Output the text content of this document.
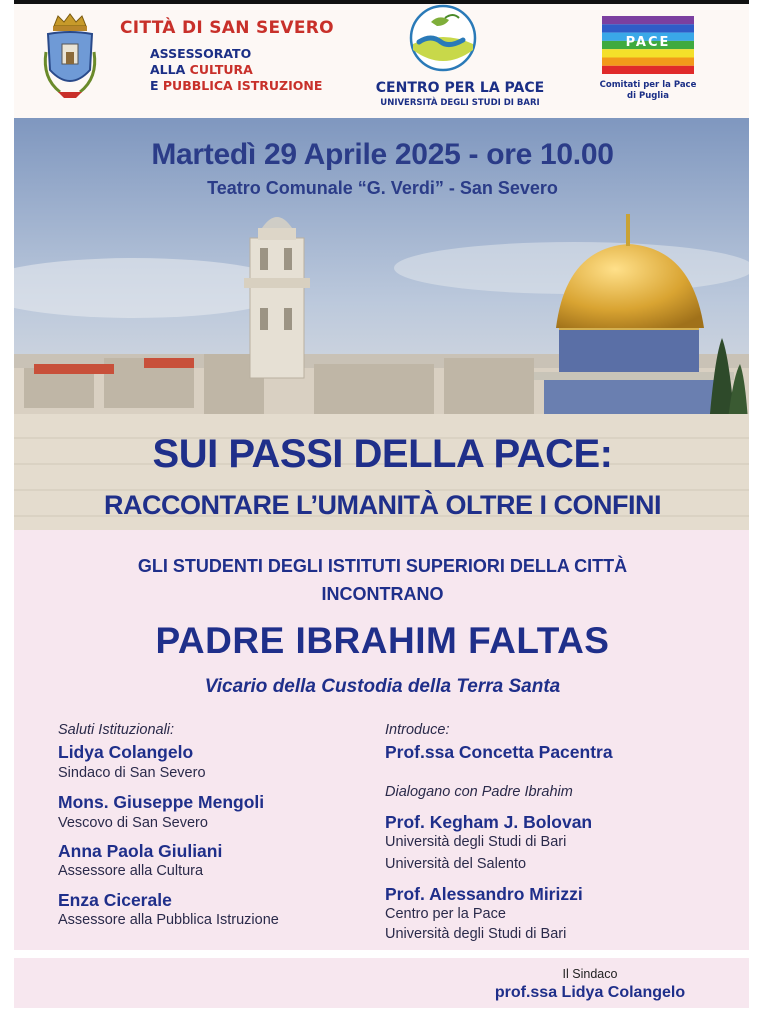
CITTÀ DI SAN SEVERO
ASSESSORATO
ALLA CULTURA
E PUBBLICA ISTRUZIONE	CENTRO PER LA PACE
UNIVERSITÀ DEGLI STUDI DI BARI
PACE
Comitati per la Pace
di Puglia
Martedì 29 Aprile 2025 - ore 10.00
Teatro Comunale “G. Verdi” - San Severo
SUI PASSI DELLA PACE:
RACCONTARE L’UMANITÀ OLTRE I CONFINI
GLI STUDENTI DEGLI ISTITUTI SUPERIORI DELLA CITTÀ
INCONTRANO
PADRE IBRAHIM FALTAS
Vicario della Custodia della Terra Santa
Saluti Istituzionali:
Lidya Colangelo
Sindaco di San Severo
Mons. Giuseppe Mengoli
Vescovo di San Severo
Anna Paola Giuliani
Assessore alla Cultura
Enza Cicerale
Assessore alla Pubblica Istruzione
Introduce:
Prof.ssa Concetta Pacentra
Dialogano con Padre Ibrahim
Prof. Kegham J. Bolovan
Università degli Studi di Bari
Università del Salento
Prof. Alessandro Mirizzi
Centro per la Pace
Università degli Studi di Bari
Il Sindaco
prof.ssa Lidya Colangelo
